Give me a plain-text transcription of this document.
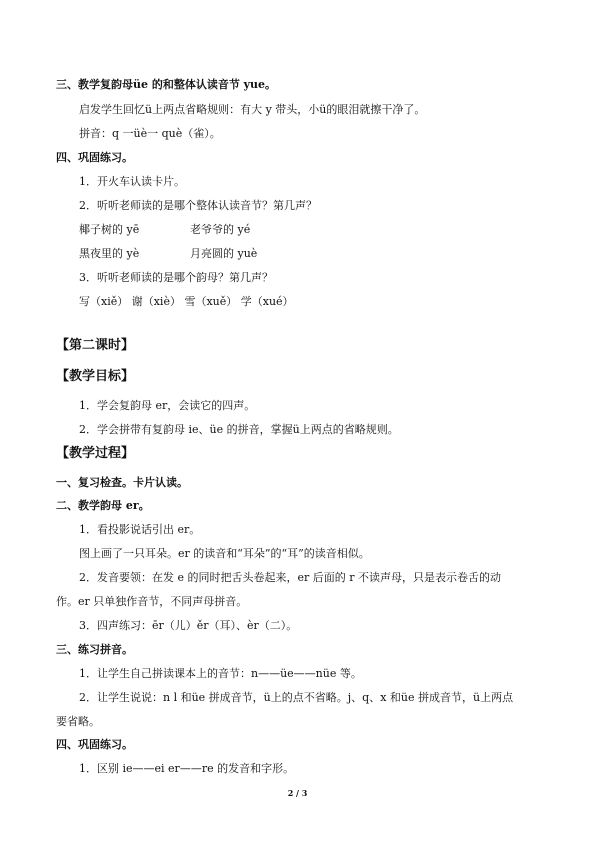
三、教学复韵母üe 的和整体认读音节 yue。
启发学生回忆ü上两点省略规则：有大 y 带头，小ü的眼泪就擦干净了。
拼音：q 一üè一 què（雀）。
四、巩固练习。
1．开火车认读卡片。
2．听听老师读的是哪个整体认读音节？第几声？
椰子树的 yē	老爷爷的 yé
黑夜里的 yè	月亮圆的 yuè
3．听听老师读的是哪个韵母？第几声？
写（xiě） 谢（xiè） 雪（xuě） 学（xué）
【第二课时】
【教学目标】
1．学会复韵母 er，会读它的四声。
2．学会拼带有复韵母 ie、üe 的拼音，掌握ü上两点的省略规则。
【教学过程】
一、复习检查。卡片认读。
二、教学韵母 er。
1．看投影说话引出 er。
图上画了一只耳朵。er 的读音和“耳朵”的“耳”的读音相似。
2．发音要领：在发 e 的同时把舌头卷起来，er 后面的 r 不读声母，只是表示卷舌的动
作。er 只单独作音节，不同声母拼音。
3．四声练习：ēr（儿）ěr（耳）、èr（二）。
三、练习拼音。
1．让学生自己拼读课本上的音节：n——üe——nüe 等。
2．让学生说说：n l 和üe 拼成音节，ü上的点不省略。j、q、x 和üe 拼成音节，ü上两点
要省略。
四、巩固练习。
1．区别 ie——ei er——re 的发音和字形。
2 / 3
